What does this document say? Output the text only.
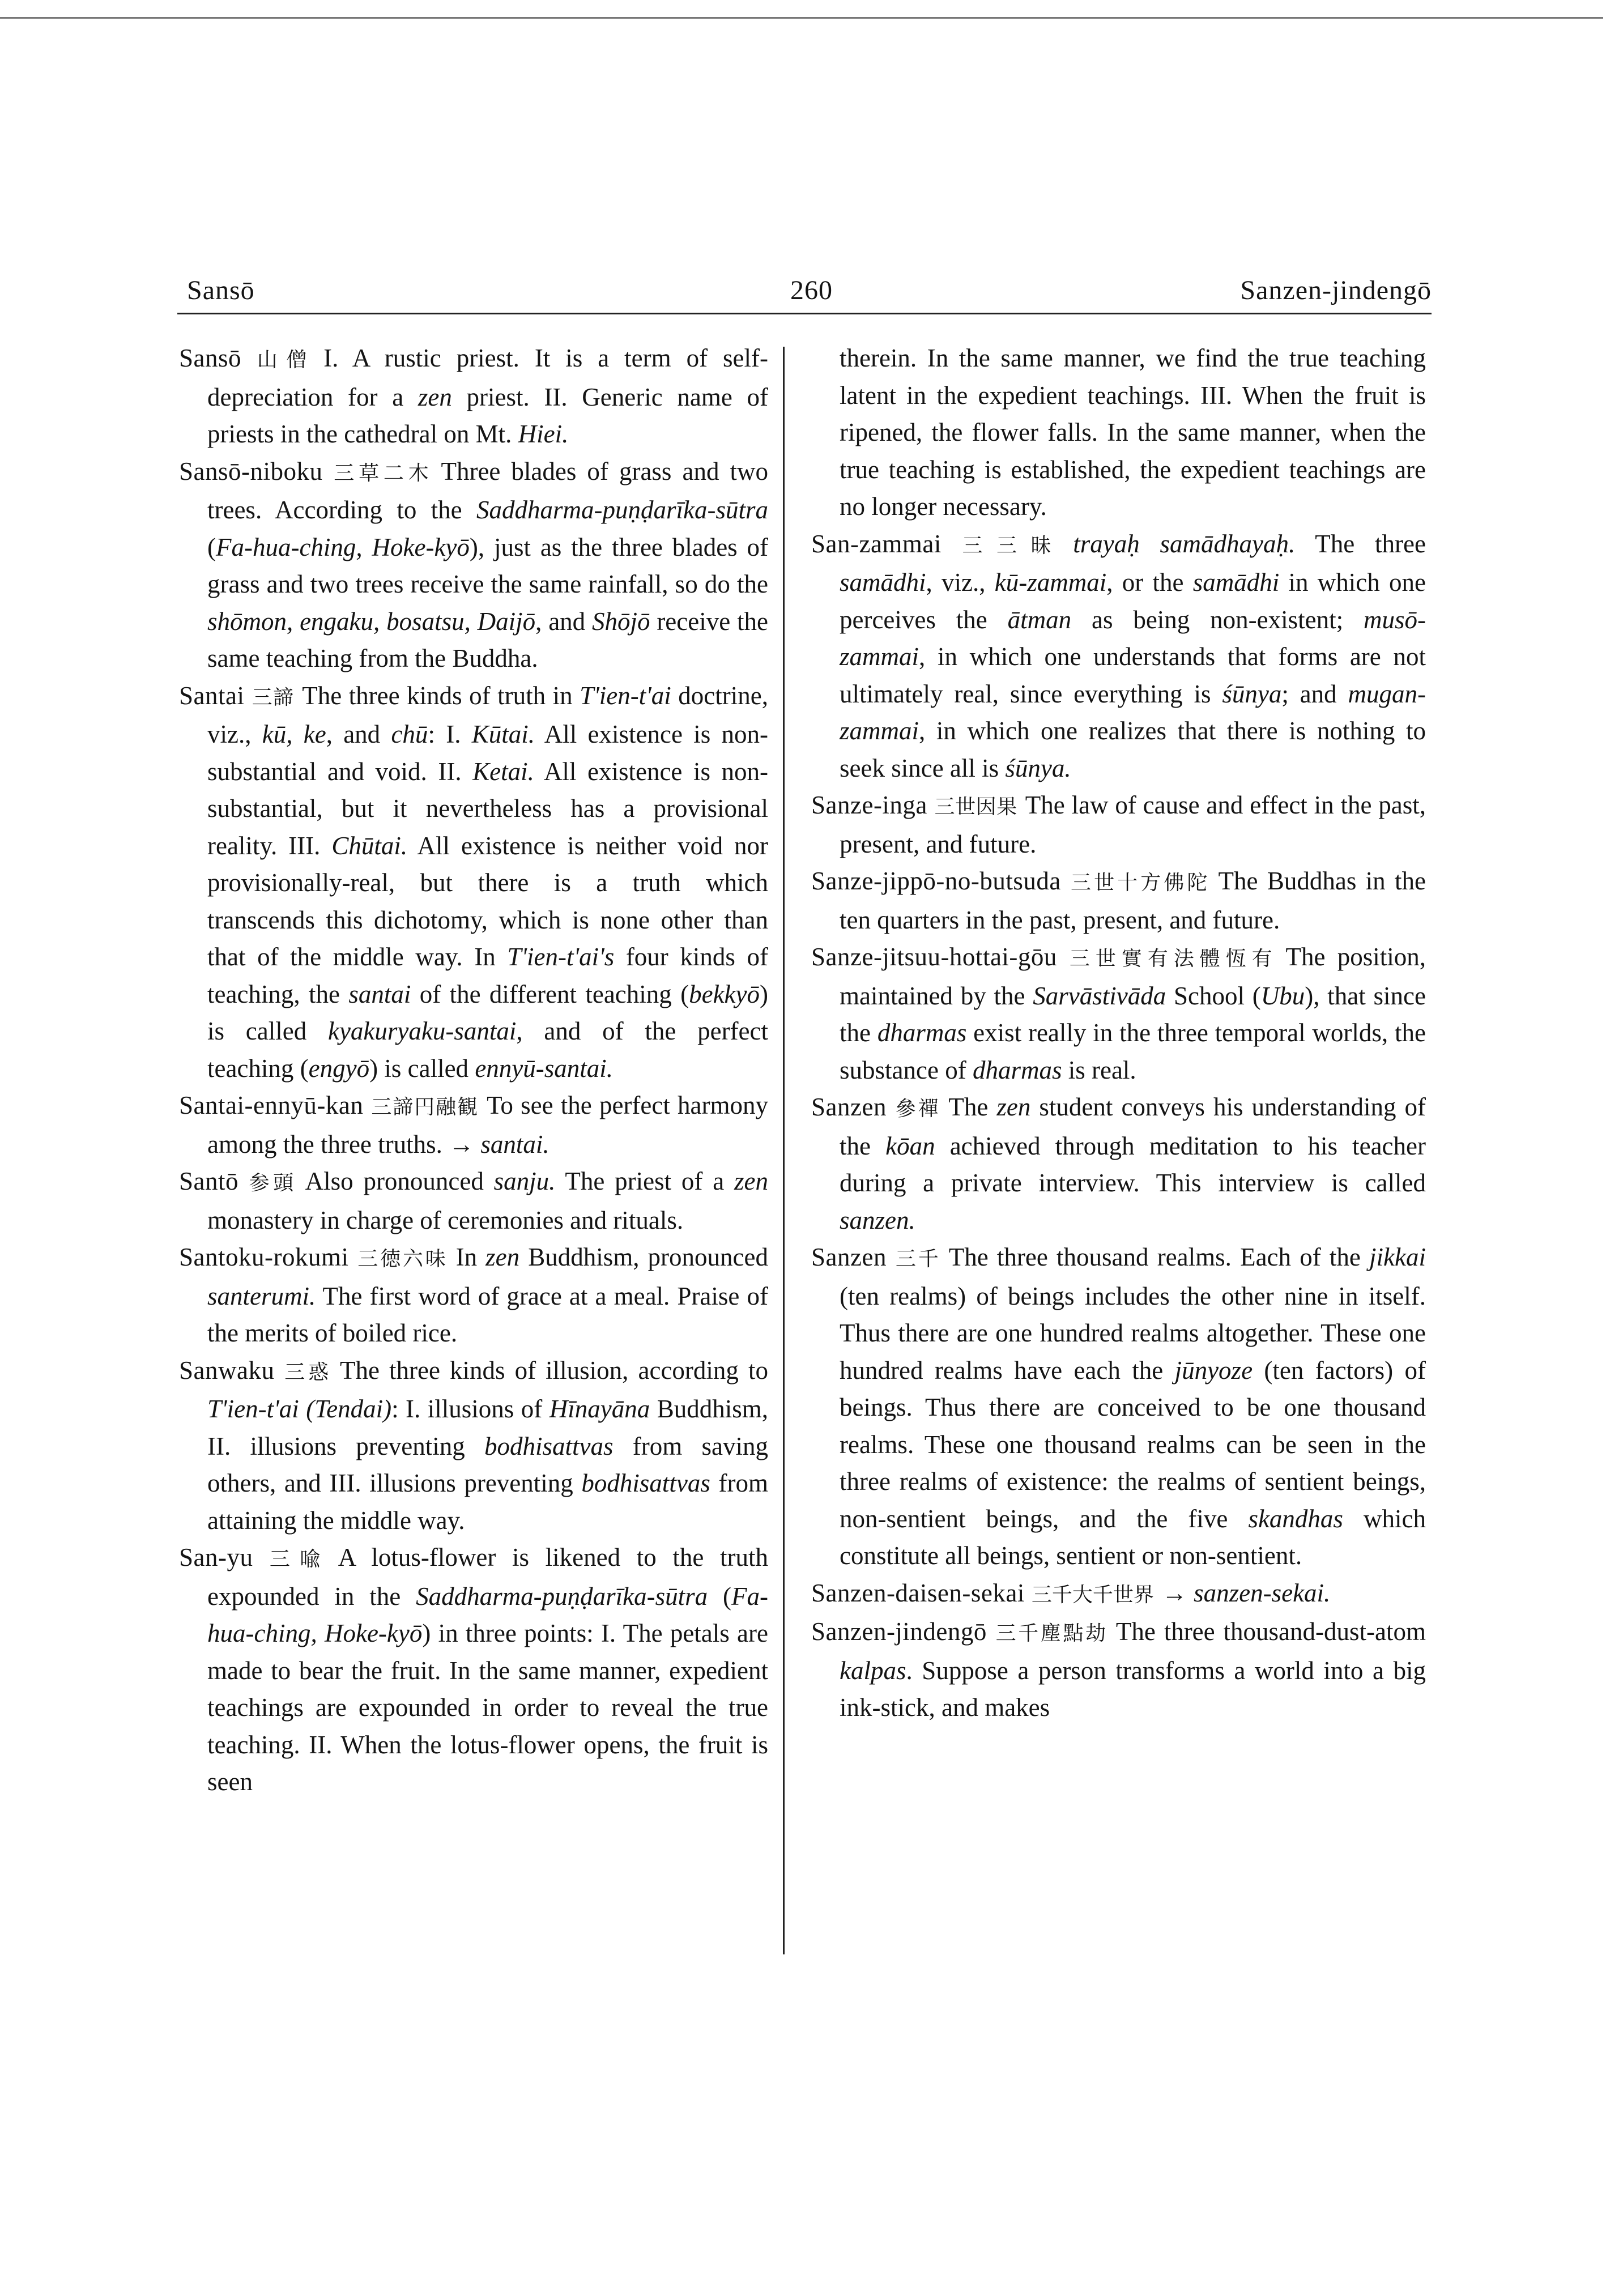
Sansō	260	Sanzen-jindengō

Sansō 山僧 I. A rustic priest. It is a term of self-depreciation for a zen priest. II. Generic name of priests in the cathedral on Mt. Hiei.

Sansō-niboku 三草二木 Three blades of grass and two trees. According to the Saddharma-puṇḍarīka-sūtra (Fa-hua-ching, Hoke-kyō), just as the three blades of grass and two trees receive the same rainfall, so do the shōmon, engaku, bosatsu, Daijō, and Shōjō receive the same teaching from the Buddha.

Santai 三諦 The three kinds of truth in T'ien-t'ai doctrine, viz., kū, ke, and chū: I. Kūtai. All existence is non-substantial and void. II. Ketai. All existence is non-substantial, but it nevertheless has a provisional reality. III. Chūtai. All existence is neither void nor provisionally-real, but there is a truth which transcends this dichotomy, which is none other than that of the middle way. In T'ien-t'ai's four kinds of teaching, the santai of the different teaching (bekkyō) is called kyakuryaku-santai, and of the perfect teaching (engyō) is called ennyū-santai.

Santai-ennyū-kan 三諦円融観 To see the perfect harmony among the three truths. → santai.

Santō 参頭 Also pronounced sanju. The priest of a zen monastery in charge of ceremonies and rituals.

Santoku-rokumi 三徳六味 In zen Buddhism, pronounced santerumi. The first word of grace at a meal. Praise of the merits of boiled rice.

Sanwaku 三惑 The three kinds of illusion, according to T'ien-t'ai (Tendai): I. illusions of Hīnayāna Buddhism, II. illusions preventing bodhisattvas from saving others, and III. illusions preventing bodhisattvas from attaining the middle way.

San-yu 三喩 A lotus-flower is likened to the truth expounded in the Saddharma-puṇḍarīka-sūtra (Fa-hua-ching, Hoke-kyō) in three points: I. The petals are made to bear the fruit. In the same manner, expedient teachings are expounded in order to reveal the true teaching. II. When the lotus-flower opens, the fruit is seen

therein. In the same manner, we find the true teaching latent in the expedient teachings. III. When the fruit is ripened, the flower falls. In the same manner, when the true teaching is established, the expedient teachings are no longer necessary.

San-zammai 三三昧 trayaḥ samādhayaḥ. The three samādhi, viz., kū-zammai, or the samādhi in which one perceives the ātman as being non-existent; musō-zammai, in which one understands that forms are not ultimately real, since everything is śūnya; and mugan-zammai, in which one realizes that there is nothing to seek since all is śūnya.

Sanze-inga 三世因果 The law of cause and effect in the past, present, and future.

Sanze-jippō-no-butsuda 三世十方佛陀 The Buddhas in the ten quarters in the past, present, and future.

Sanze-jitsuu-hottai-gōu 三世實有法體恆有 The position, maintained by the Sarvāstivāda School (Ubu), that since the dharmas exist really in the three temporal worlds, the substance of dharmas is real.

Sanzen 參禪 The zen student conveys his understanding of the kōan achieved through meditation to his teacher during a private interview. This interview is called sanzen.

Sanzen 三千 The three thousand realms. Each of the jikkai (ten realms) of beings includes the other nine in itself. Thus there are one hundred realms altogether. These one hundred realms have each the jūnyoze (ten factors) of beings. Thus there are conceived to be one thousand realms. These one thousand realms can be seen in the three realms of existence: the realms of sentient beings, non-sentient beings, and the five skandhas which constitute all beings, sentient or non-sentient.

Sanzen-daisen-sekai 三千大千世界 → sanzen-sekai.

Sanzen-jindengō 三千塵點劫 The three thousand-dust-atom kalpas. Suppose a person transforms a world into a big ink-stick, and makes
